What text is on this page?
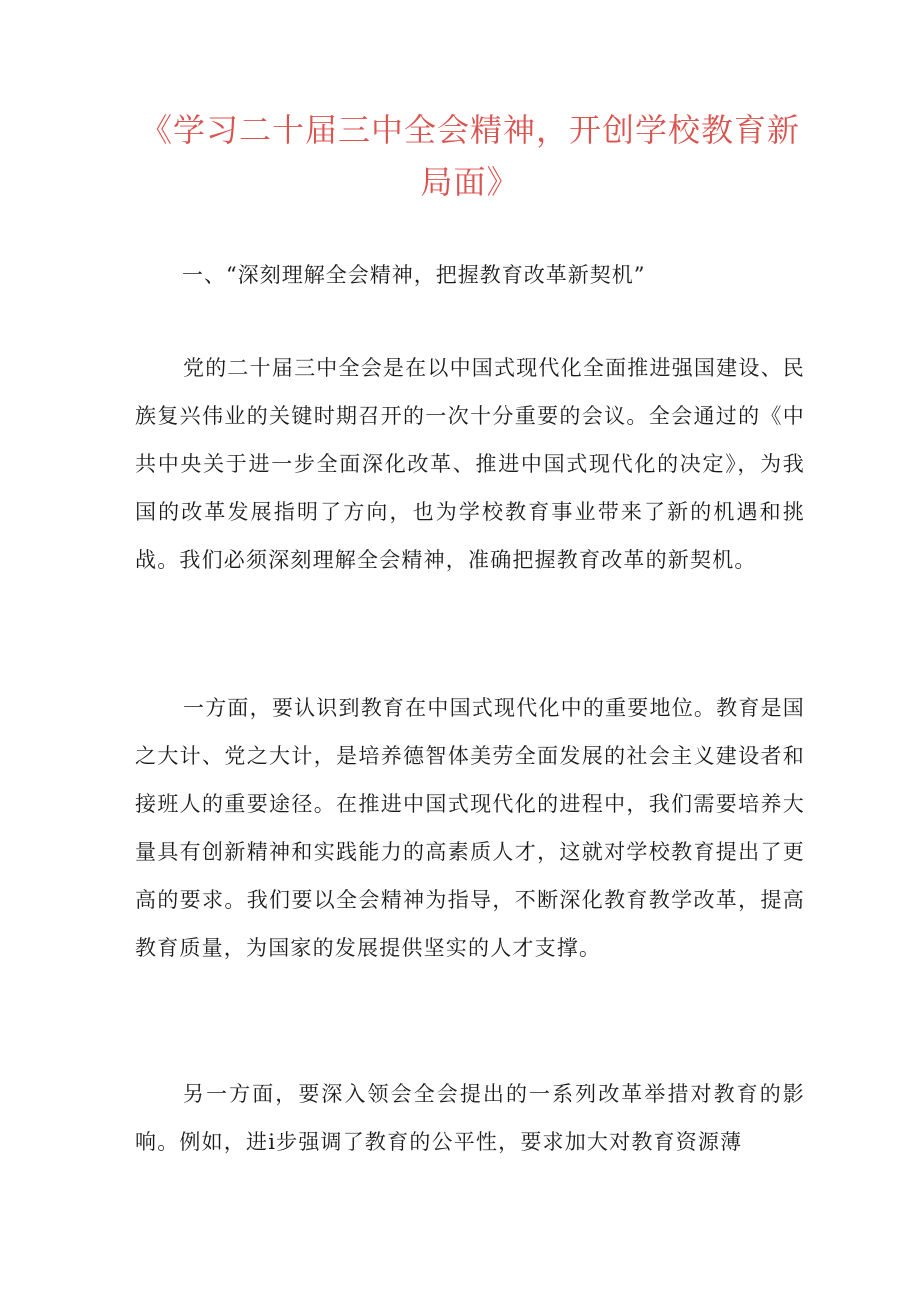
《学习二十届三中全会精神，开创学校教育新局面》
一、“深刻理解全会精神，把握教育改革新契机”

党的二十届三中全会是在以中国式现代化全面推进强国建设、民族复兴伟业的关键时期召开的一次十分重要的会议。全会通过的《中共中央关于进一步全面深化改革、推进中国式现代化的决定》，为我国的改革发展指明了方向，也为学校教育事业带来了新的机遇和挑战。我们必须深刻理解全会精神，准确把握教育改革的新契机。

一方面，要认识到教育在中国式现代化中的重要地位。教育是国之大计、党之大计，是培养德智体美劳全面发展的社会主义建设者和接班人的重要途径。在推进中国式现代化的进程中，我们需要培养大量具有创新精神和实践能力的高素质人才，这就对学校教育提出了更高的要求。我们要以全会精神为指导，不断深化教育教学改革，提高教育质量，为国家的发展提供坚实的人才支撑。

另一方面，要深入领会全会提出的一系列改革举措对教育的影响。例如，进i步强调了教育的公平性，要求加大对教育资源薄
